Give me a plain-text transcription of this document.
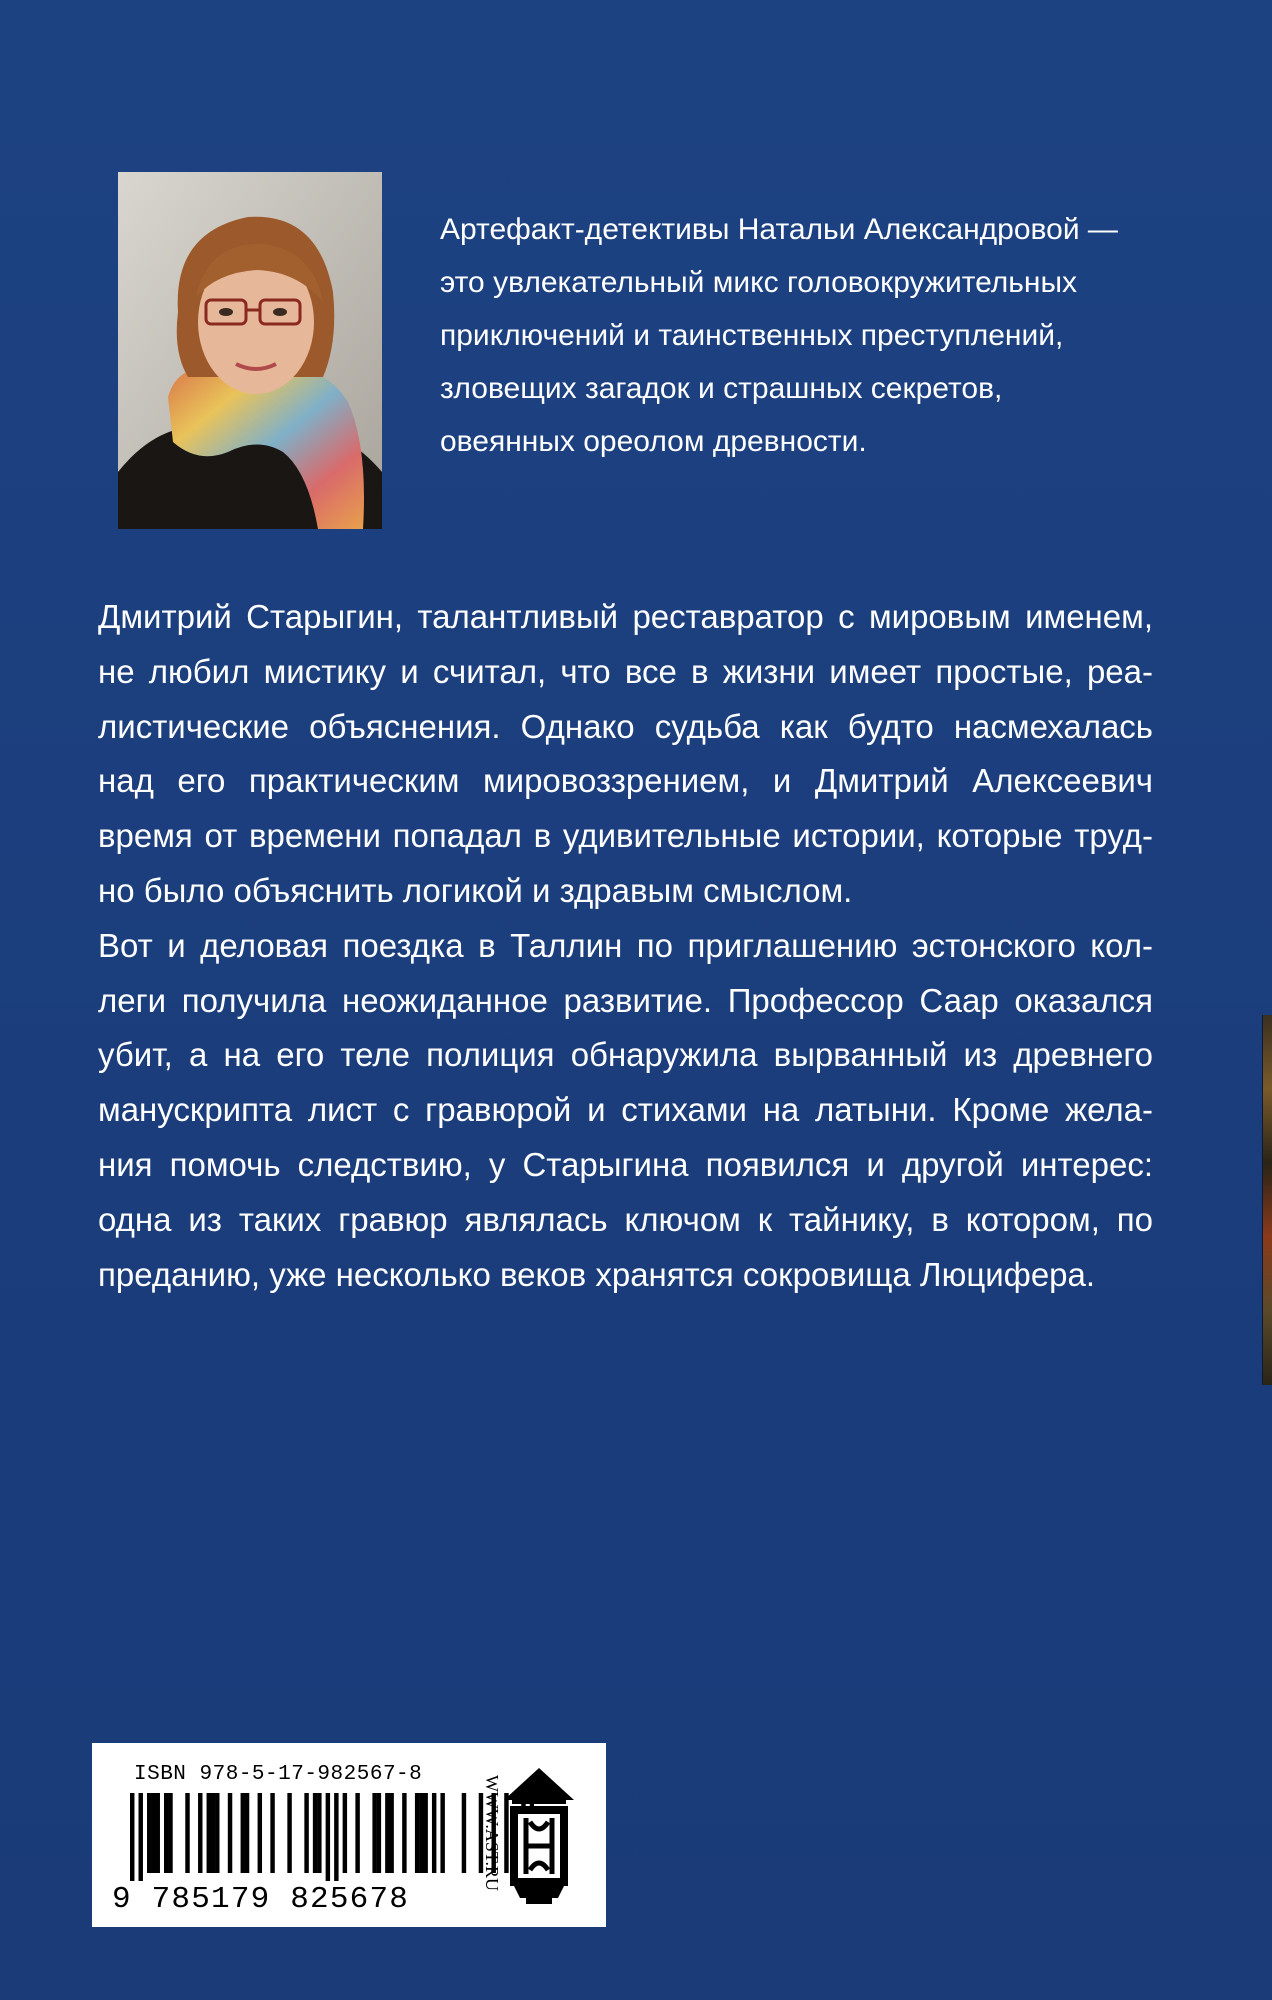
Артефакт-детективы Натальи Александровой —
это увлекательный микс головокружительных
приключений и таинственных преступлений,
зловещих загадок и страшных секретов,
овеянных ореолом древности.
Дмитрий Старыгин, талантливый реставратор с мировым именем,
не любил мистику и считал, что все в жизни имеет простые, реа-
листические объяснения. Однако судьба как будто насмехалась
над его практическим мировоззрением, и Дмитрий Алексеевич
время от времени попадал в удивительные истории, которые труд-
но было объяснить логикой и здравым смыслом.
Вот и деловая поездка в Таллин по приглашению эстонского кол-
леги получила неожиданное развитие. Профессор Саар оказался
убит, а на его теле полиция обнаружила вырванный из древнего
манускрипта лист с гравюрой и стихами на латыни. Кроме жела-
ния помочь следствию, у Старыгина появился и другой интерес:
одна из таких гравюр являлась ключом к тайнику, в котором, по
преданию, уже несколько веков хранятся сокровища Люцифера.
ISBN 978-5-17-982567-8
9 785179 825678
WWW.AST.RU
